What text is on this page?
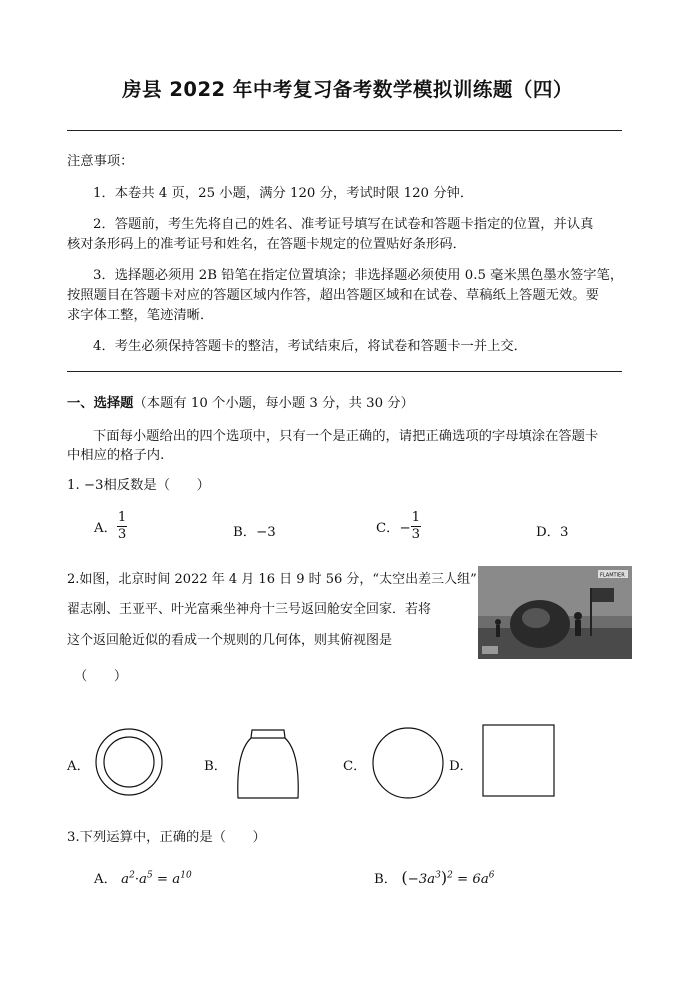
房县 2022 年中考复习备考数学模拟训练题（四）
注意事项：
1．本卷共 4 页，25 小题，满分 120 分，考试时限 120 分钟．
2．答题前，考生先将自己的姓名、准考证号填写在试卷和答题卡指定的位置，并认真
核对条形码上的准考证号和姓名，在答题卡规定的位置贴好条形码．
3．选择题必须用 2B 铅笔在指定位置填涂；非选择题必须使用 0.5 毫米黑色墨水签字笔，
按照题目在答题卡对应的答题区域内作答，超出答题区域和在试卷、草稿纸上答题无效。要
求字体工整，笔迹清晰．
4．考生必须保持答题卡的整洁，考试结束后，将试卷和答题卡一并上交．
一、选择题（本题有 10 个小题，每小题 3 分，共 30 分）
下面每小题给出的四个选项中，只有一个是正确的，请把正确选项的字母填涂在答题卡
中相应的格子内.
1. −3相反数是（　　）
A． $\frac{1}{3}$	B．−3	C．− $\frac{1}{3}$	D．3
2.如图，北京时间 2022 年 4 月 16 日 9 时 56 分，“太空出差三人组”
翟志刚、王亚平、叶光富乘坐神舟十三号返回舱安全回家．若将
这个返回舱近似的看成一个规则的几何体，则其俯视图是
（　　）
FLAMTIER
A．	B．	C．	D．
3.下列运算中，正确的是（　　）
A． $a^2\cdot a^5 = a^{10}$	B． $(-3a^3)^2 = 6a^6$
